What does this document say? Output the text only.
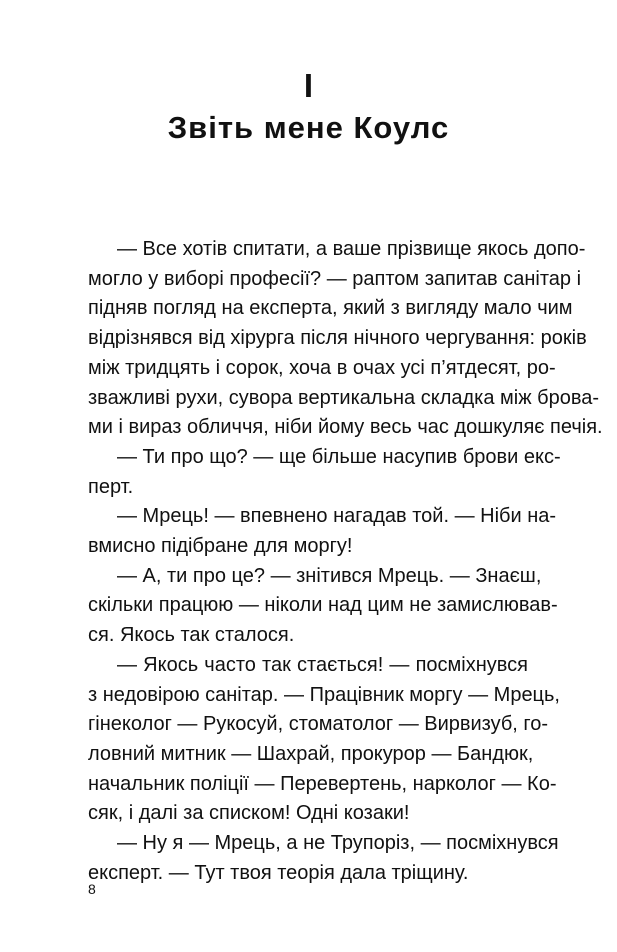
I
Звіть мене Коулс

— Все хотів спитати, а ваше прізвище якось допо-

могло у виборі професії? — раптом запитав санітар і

підняв погляд на експерта, який з вигляду мало чим

відрізнявся від хірурга після нічного чергування: років

між тридцять і сорок, хоча в очах усі п’ятдесят, ро-

зважливі рухи, сувора вертикальна складка між брова-

ми і вираз обличчя, ніби йому весь час дошкуляє печія.

— Ти про що? — ще більше насупив брови екс-

перт.

— Мрець! — впевнено нагадав той. — Ніби на-

вмисно підібране для моргу!

— А, ти про це? — знітився Мрець. — Знаєш,

скільки працюю — ніколи над цим не замислював-

ся. Якось так сталося.

— Якось часто так стається! — посміхнувся

з недовірою санітар. — Працівник моргу — Мрець,

гінеколог — Рукосуй, стоматолог — Вирвизуб, го-

ловний митник — Шахрай, прокурор — Бандюк,

начальник поліції — Перевертень, нарколог — Ко-

сяк, і далі за списком! Одні козаки!

— Ну я — Мрець, а не Трупоріз, — посміхнувся

експерт. — Тут твоя теорія дала тріщину.

8
